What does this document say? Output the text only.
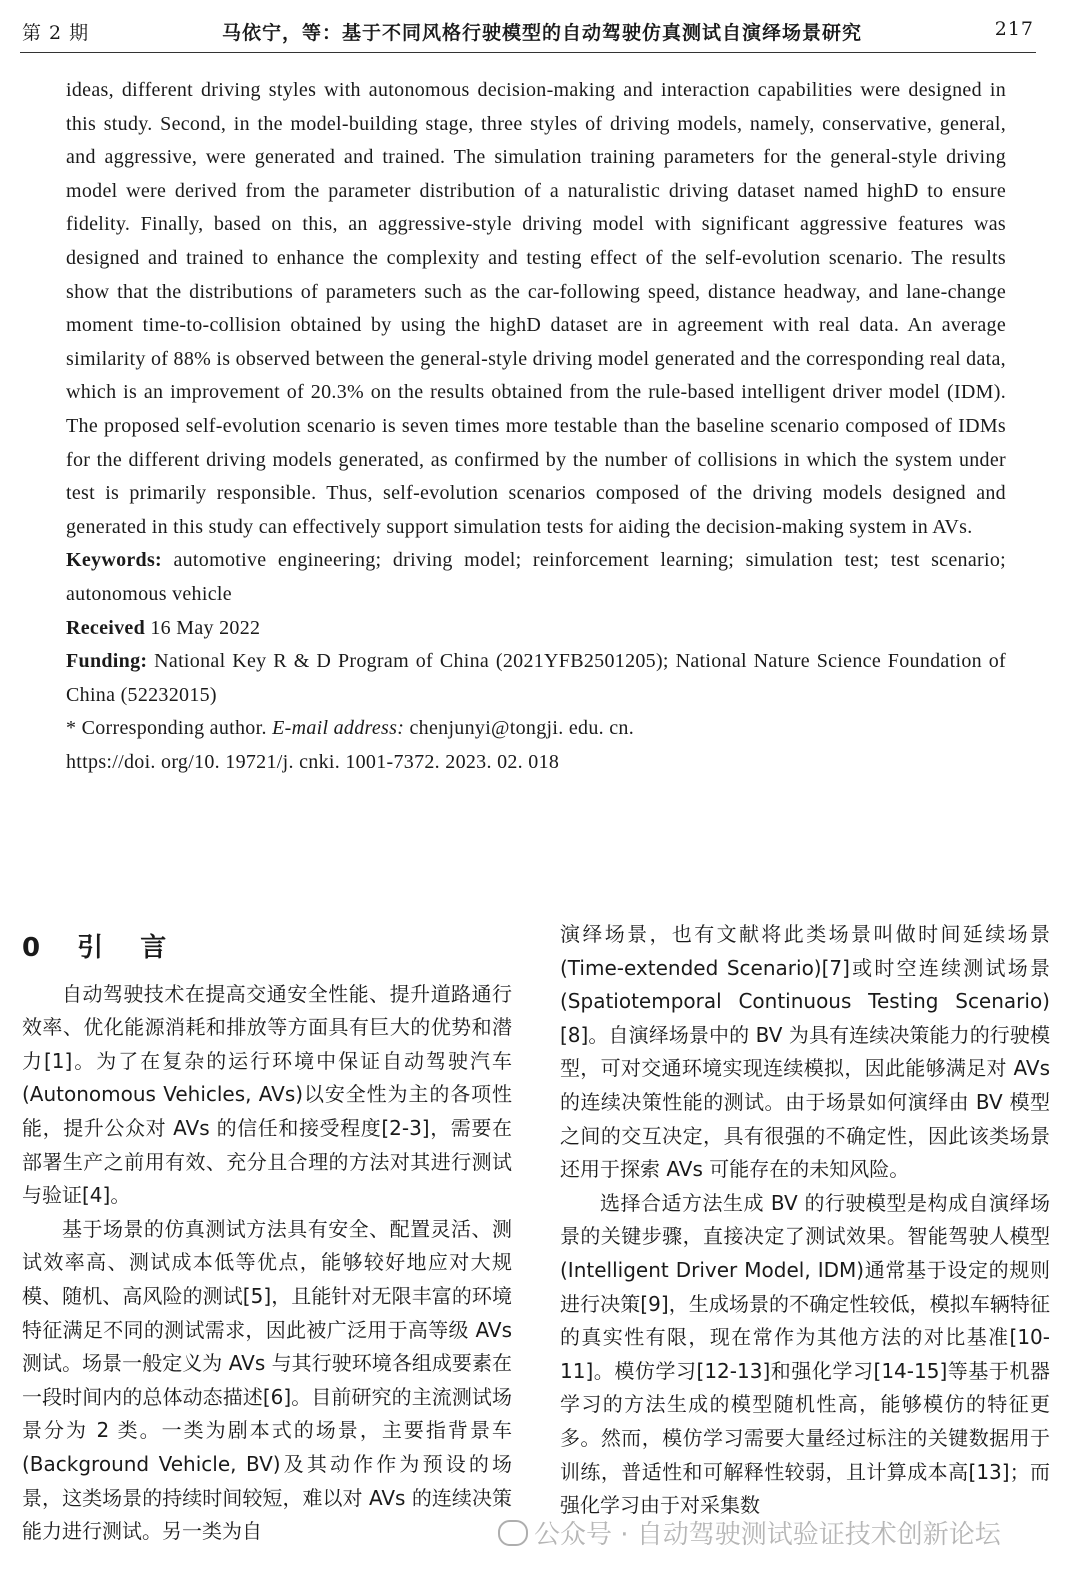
第 2 期	马依宁，等：基于不同风格行驶模型的自动驾驶仿真测试自演绎场景研究	217

ideas, different driving styles with autonomous decision-making and interaction capabilities were designed in this study. Second, in the model-building stage, three styles of driving models, namely, conservative, general, and aggressive, were generated and trained. The simulation training parameters for the general-style driving model were derived from the parameter distribution of a naturalistic driving dataset named highD to ensure fidelity. Finally, based on this, an aggressive-style driving model with significant aggressive features was designed and trained to enhance the complexity and testing effect of the self-evolution scenario. The results show that the distributions of parameters such as the car-following speed, distance headway, and lane-change moment time-to-collision obtained by using the highD dataset are in agreement with real data. An average similarity of 88% is observed between the general-style driving model generated and the corresponding real data, which is an improvement of 20.3% on the results obtained from the rule-based intelligent driver model (IDM). The proposed self-evolution scenario is seven times more testable than the baseline scenario composed of IDMs for the different driving models generated, as confirmed by the number of collisions in which the system under test is primarily responsible. Thus, self-evolution scenarios composed of the driving models designed and generated in this study can effectively support simulation tests for aiding the decision-making system in AVs.

Keywords: automotive engineering; driving model; reinforcement learning; simulation test; test scenario; autonomous vehicle
Received 16 May 2022
Funding: National Key R & D Program of China (2021YFB2501205); National Nature Science Foundation of China (52232015)
* Corresponding author. E-mail address: chenjunyi@tongji. edu. cn.
https://doi. org/10. 19721/j. cnki. 1001-7372. 2023. 02. 018
0 引 言

自动驾驶技术在提高交通安全性能、提升道路通行效率、优化能源消耗和排放等方面具有巨大的优势和潜力[1]。为了在复杂的运行环境中保证自动驾驶汽车(Autonomous Vehicles, AVs)以安全性为主的各项性能，提升公众对 AVs 的信任和接受程度[2-3]，需要在部署生产之前用有效、充分且合理的方法对其进行测试与验证[4]。

基于场景的仿真测试方法具有安全、配置灵活、测试效率高、测试成本低等优点，能够较好地应对大规模、随机、高风险的测试[5]，且能针对无限丰富的环境特征满足不同的测试需求，因此被广泛用于高等级 AVs 测试。场景一般定义为 AVs 与其行驶环境各组成要素在一段时间内的总体动态描述[6]。目前研究的主流测试场景分为 2 类。一类为剧本式的场景，主要指背景车(Background Vehicle, BV)及其动作作为预设的场景，这类场景的持续时间较短，难以对 AVs 的连续决策能力进行测试。另一类为自

演绎场景，也有文献将此类场景叫做时间延续场景(Time-extended Scenario)[7]或时空连续测试场景(Spatiotemporal Continuous Testing Scenario)[8]。自演绎场景中的 BV 为具有连续决策能力的行驶模型，可对交通环境实现连续模拟，因此能够满足对 AVs 的连续决策性能的测试。由于场景如何演绎由 BV 模型之间的交互决定，具有很强的不确定性，因此该类场景还用于探索 AVs 可能存在的未知风险。

选择合适方法生成 BV 的行驶模型是构成自演绎场景的关键步骤，直接决定了测试效果。智能驾驶人模型(Intelligent Driver Model, IDM)通常基于设定的规则进行决策[9]，生成场景的不确定性较低，模拟车辆特征的真实性有限，现在常作为其他方法的对比基准[10-11]。模仿学习[12-13]和强化学习[14-15]等基于机器学习的方法生成的模型随机性高，能够模仿的特征更多。然而，模仿学习需要大量经过标注的关键数据用于训练，普适性和可解释性较弱，且计算成本高[13]；而强化学习由于对采集数

公众号 · 自动驾驶测试验证技术创新论坛
